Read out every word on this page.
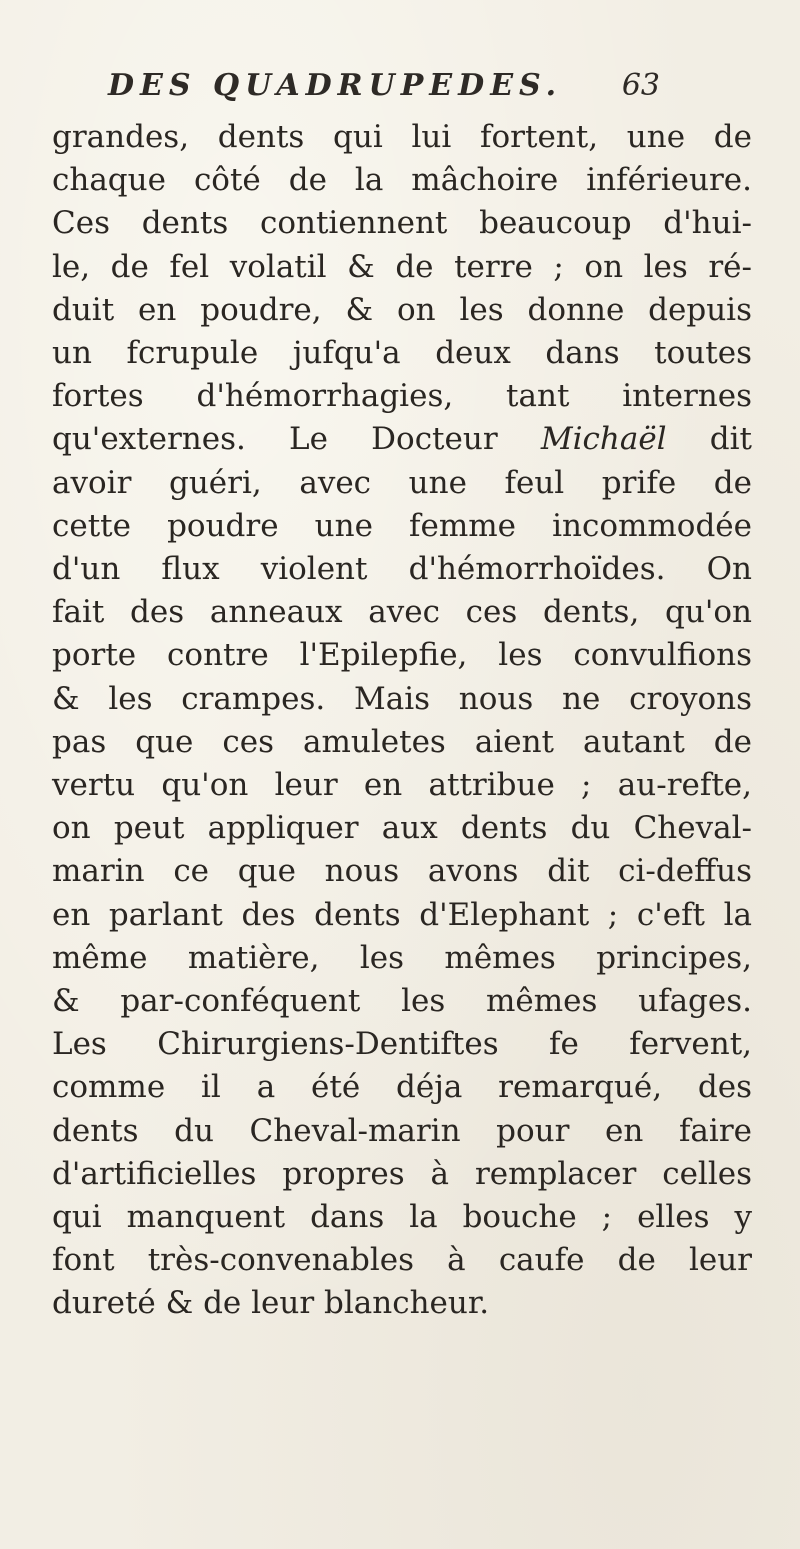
DES QUADRUPEDES. 63
grandes, dents qui lui fortent, une de
chaque côté de la mâchoire inférieure.
Ces dents contiennent beaucoup d'hui-
le, de fel volatil & de terre ; on les ré-
duit en poudre, & on les donne depuis
un fcrupule jufqu'a deux dans toutes
fortes d'hémorrhagies, tant internes
qu'externes. Le Docteur Michaël dit
avoir guéri, avec une feul prife de
cette poudre une femme incommodée
d'un flux violent d'hémorrhoïdes. On
fait des anneaux avec ces dents, qu'on
porte contre l'Epilepfie, les convulfions
& les crampes. Mais nous ne croyons
pas que ces amuletes aient autant de
vertu qu'on leur en attribue ; au-refte,
on peut appliquer aux dents du Cheval-
marin ce que nous avons dit ci-deffus
en parlant des dents d'Elephant ; c'eft la
même matière, les mêmes principes,
& par-conféquent les mêmes ufages.
Les Chirurgiens-Dentiftes fe fervent,
comme il a été déja remarqué, des
dents du Cheval-marin pour en faire
d'artificielles propres à remplacer celles
qui manquent dans la bouche ; elles y
font très-convenables à caufe de leur
dureté & de leur blancheur.
